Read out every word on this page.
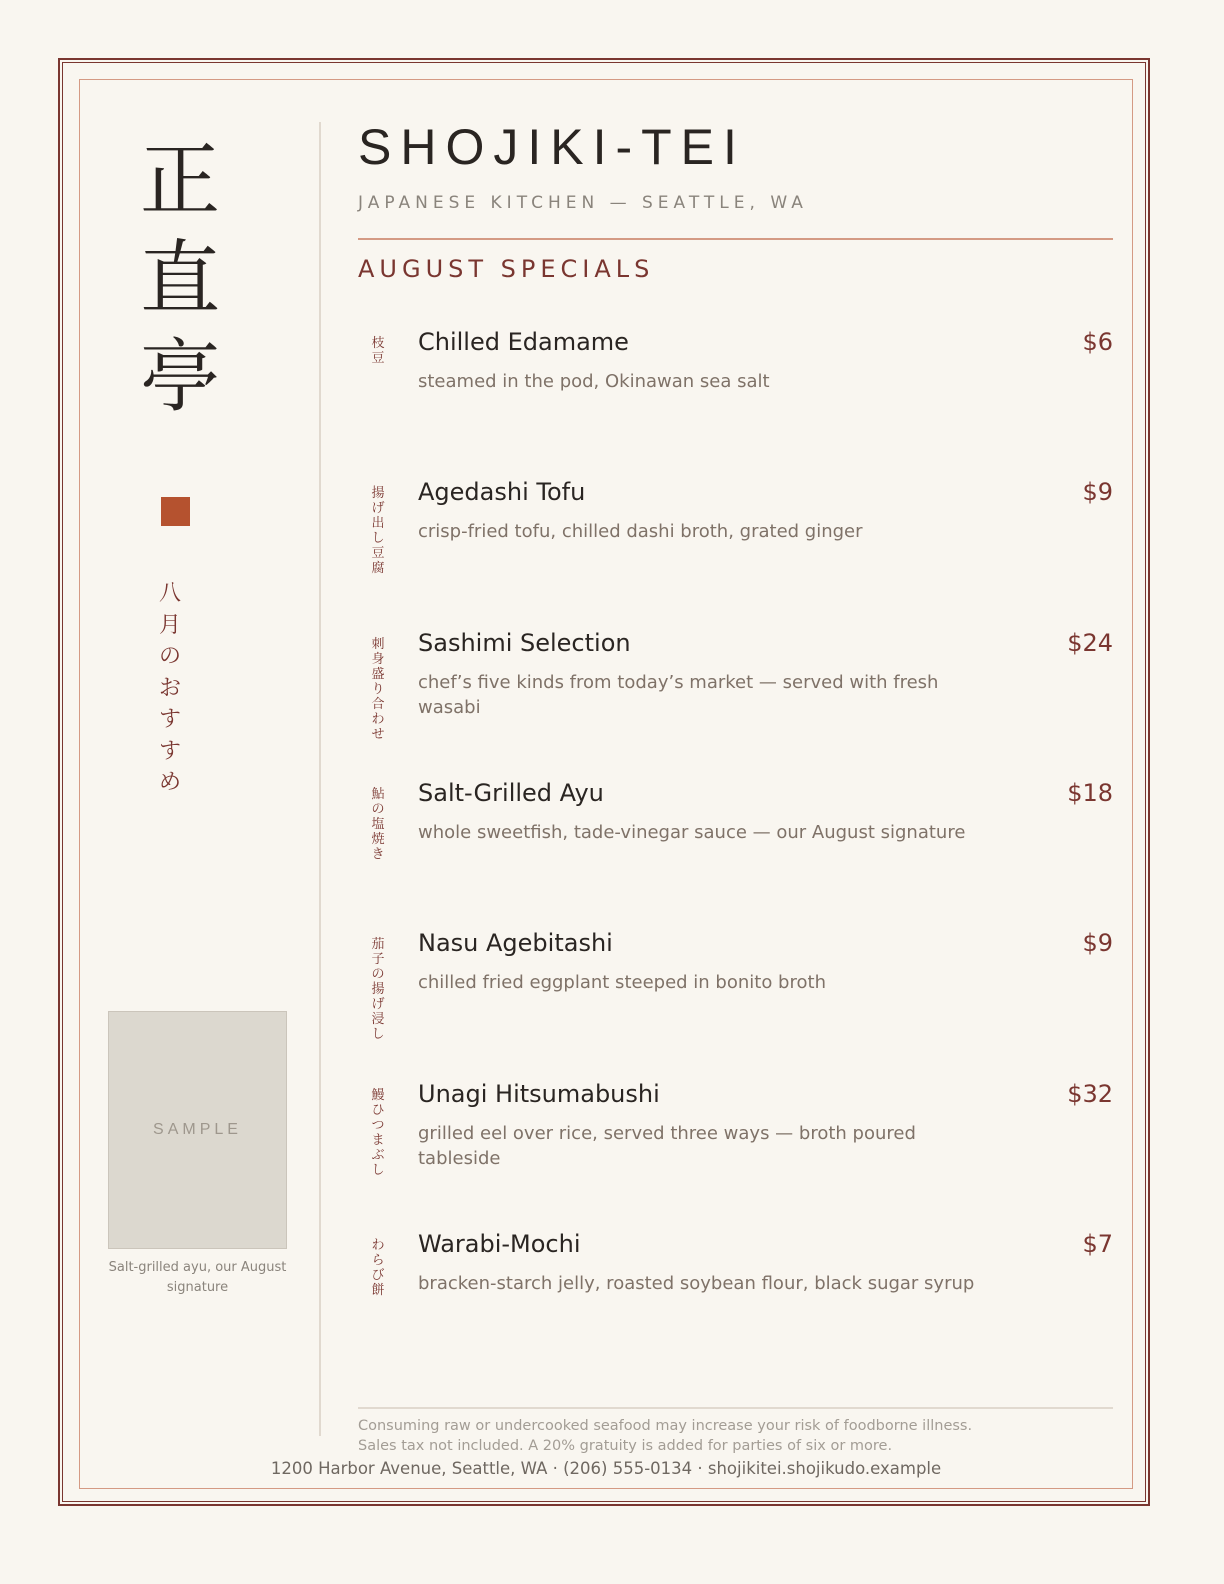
正
直
亭
八
月
の
お
す
す
め
SAMPLE
Salt-grilled ayu, our August signature
SHOJIKI-TEI
JAPANESE KITCHEN — SEATTLE, WA
AUGUST SPECIALS
枝
豆
Chilled Edamame	$6
steamed in the pod, Okinawan sea salt
揚
げ
出
し
豆
腐
Agedashi Tofu	$9
crisp-fried tofu, chilled dashi broth, grated ginger
刺
身
盛
り
合
わ
せ
Sashimi Selection	$24
chef’s five kinds from today’s market — served with fresh wasabi
鮎
の
塩
焼
き
Salt-Grilled Ayu	$18
whole sweetfish, tade-vinegar sauce — our August signature
茄
子
の
揚
げ
浸
し
Nasu Agebitashi	$9
chilled fried eggplant steeped in bonito broth
鰻
ひ
つ
ま
ぶ
し
Unagi Hitsumabushi	$32
grilled eel over rice, served three ways — broth poured tableside
わ
ら
び
餅
Warabi-Mochi	$7
bracken-starch jelly, roasted soybean flour, black sugar syrup
Consuming raw or undercooked seafood may increase your risk of foodborne illness.
Sales tax not included. A 20% gratuity is added for parties of six or more.
1200 Harbor Avenue, Seattle, WA · (206) 555-0134 · shojikitei.shojikudo.example
